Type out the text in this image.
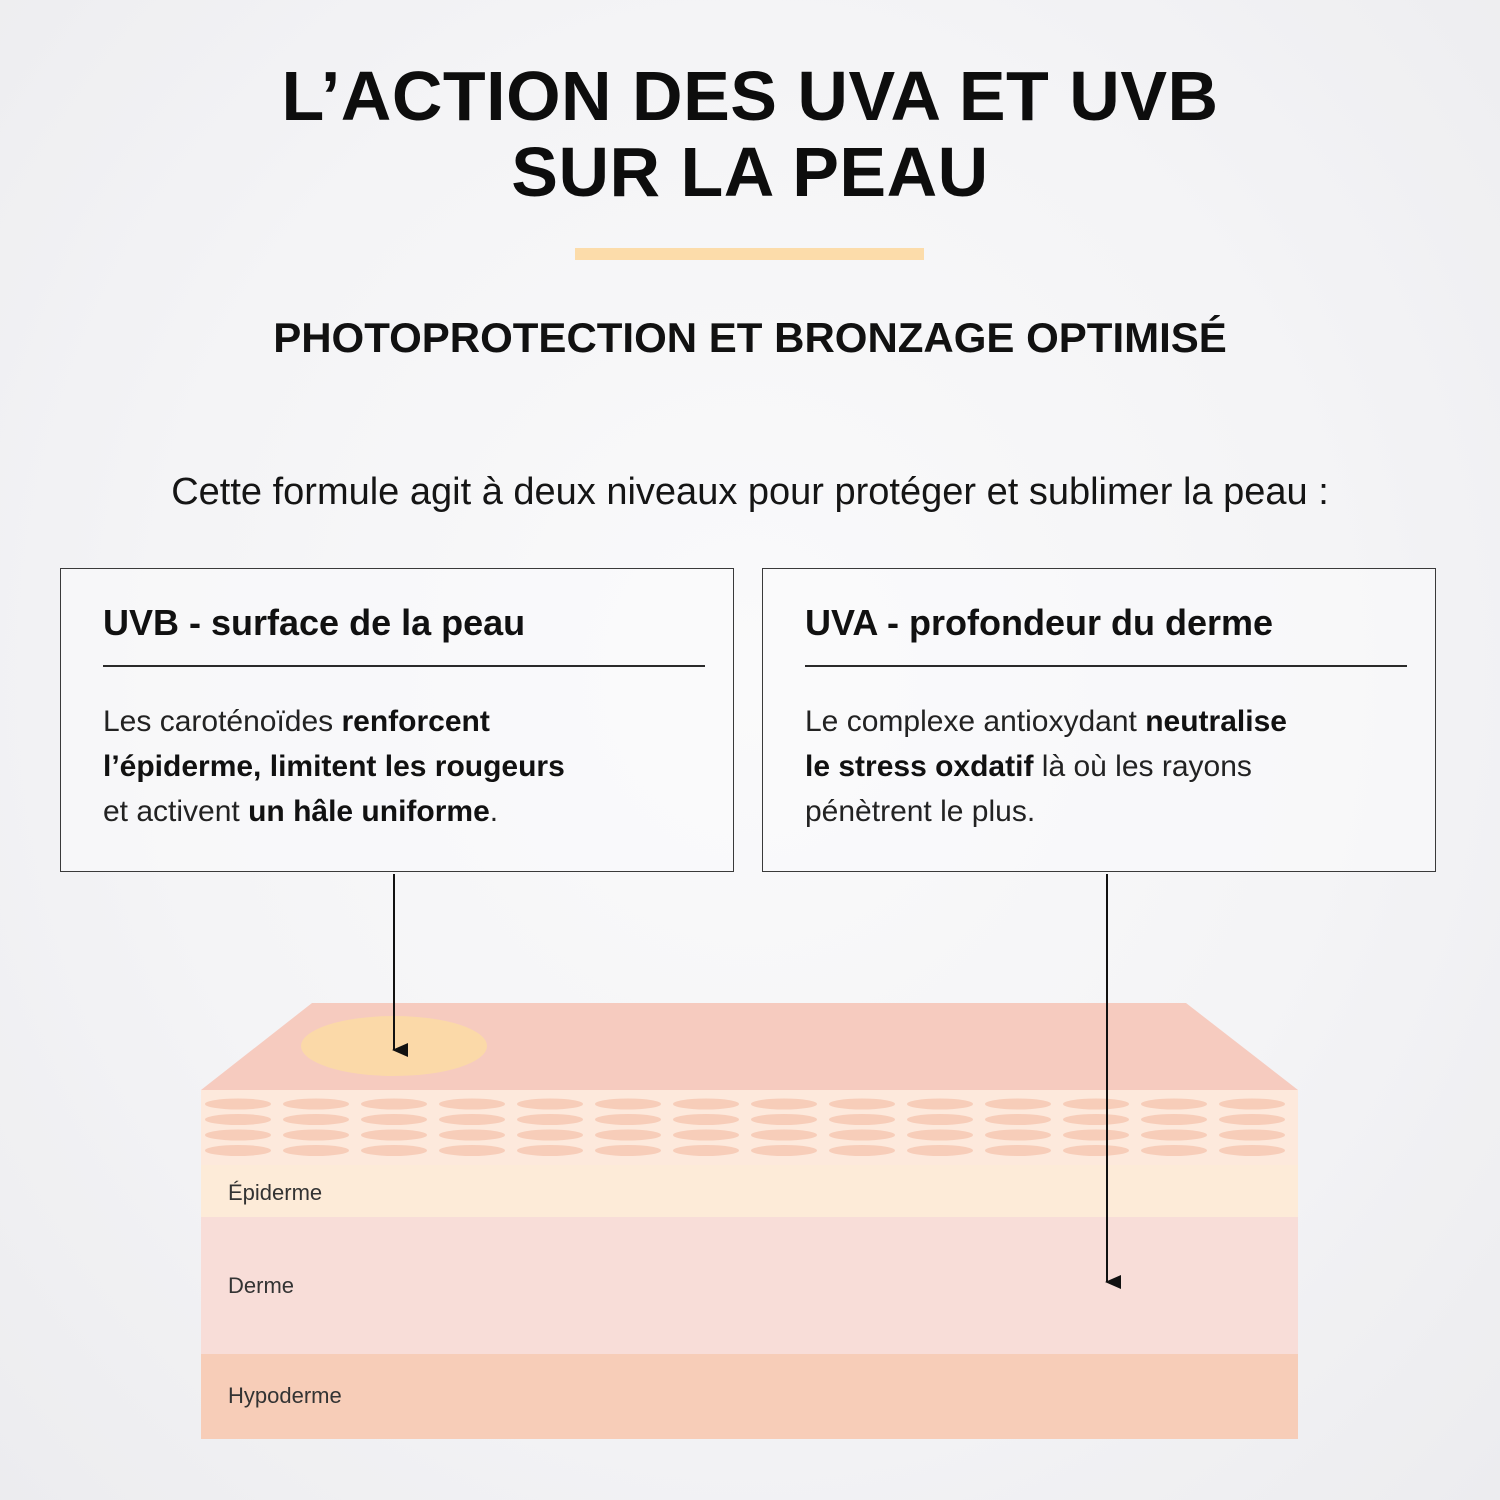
L’ACTION DES UVA ET UVB
SUR LA PEAU
PHOTOPROTECTION ET BRONZAGE OPTIMISÉ
Cette formule agit à deux niveaux pour protéger et sublimer la peau :
UVB - surface de la peau
Les caroténoïdes renforcent
l’épiderme, limitent les rougeurs
et activent un hâle uniforme.
UVA - profondeur du derme
Le complexe antioxydant neutralise
le stress oxdatif là où les rayons
pénètrent le plus.
Épiderme
Derme
Hypoderme
